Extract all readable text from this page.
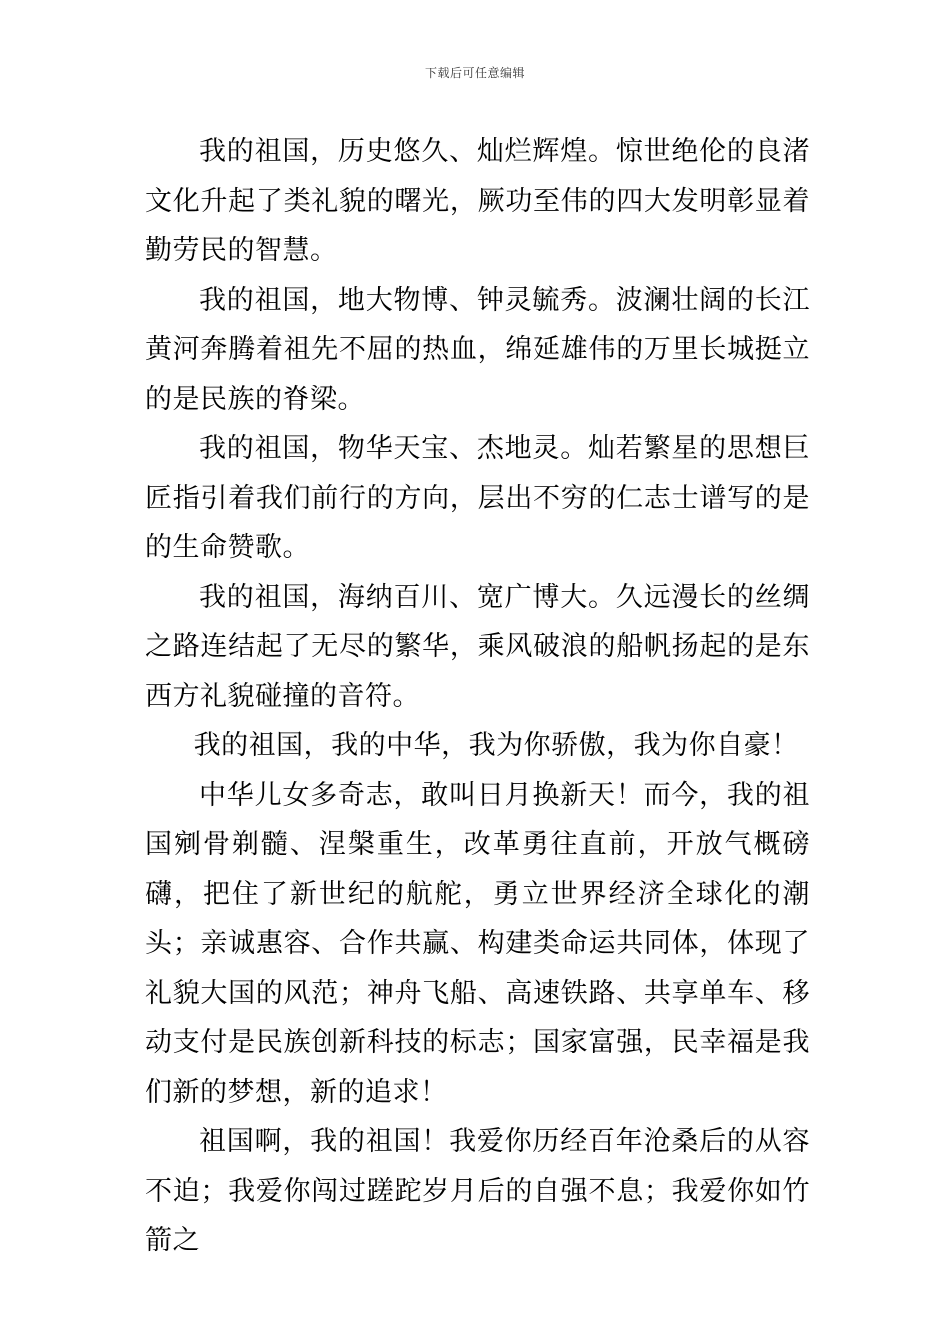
下载后可任意编辑

我的祖国，历史悠久、灿烂辉煌。惊世绝伦的良渚文化升起了类礼貌的曙光，厥功至伟的四大发明彰显着勤劳民的智慧。

我的祖国，地大物博、钟灵毓秀。波澜壮阔的长江黄河奔腾着祖先不屈的热血，绵延雄伟的万里长城挺立的是民族的脊梁。

我的祖国，物华天宝、杰地灵。灿若繁星的思想巨匠指引着我们前行的方向，层出不穷的仁志士谱写的是的生命赞歌。

我的祖国，海纳百川、宽广博大。久远漫长的丝绸之路连结起了无尽的繁华，乘风破浪的船帆扬起的是东西方礼貌碰撞的音符。

我的祖国，我的中华，我为你骄傲，我为你自豪！

中华儿女多奇志，敢叫日月换新天！而今，我的祖国剜骨剃髓、涅槃重生，改革勇往直前，开放气概磅礴，把住了新世纪的航舵，勇立世界经济全球化的潮头；亲诚惠容、合作共赢、构建类命运共同体，体现了礼貌大国的风范；神舟飞船、高速铁路、共享单车、移动支付是民族创新科技的标志；国家富强，民幸福是我们新的梦想，新的追求！

祖国啊，我的祖国！我爱你历经百年沧桑后的从容不迫；我爱你闯过蹉跎岁月后的自强不息；我爱你如竹箭之
